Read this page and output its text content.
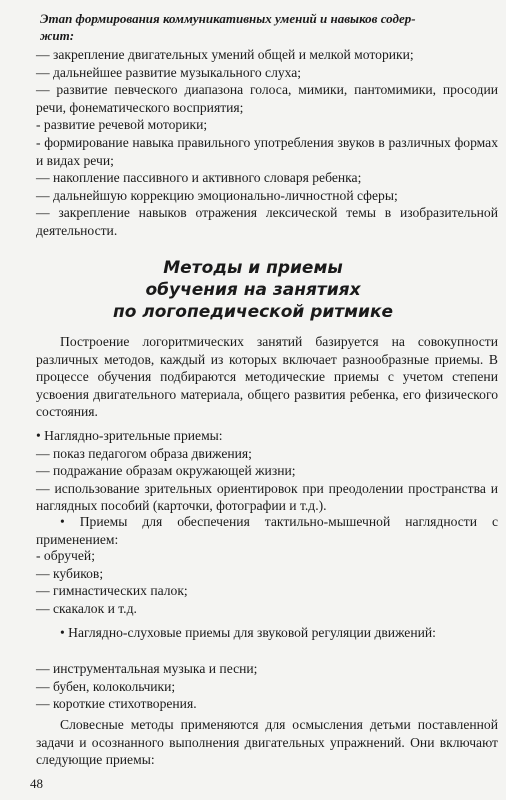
Этап формирования коммуникативных умений и навыков содер-
жит:

— закрепление двигательных умений общей и мелкой моторики;
— дальнейшее развитие музыкального слуха;
— развитие певческого диапазона голоса, мимики, пантомимики, просодии речи, фонематического восприятия;
- развитие речевой моторики;
- формирование навыка правильного употребления звуков в различных формах и видах речи;
— накопление пассивного и активного словаря ребенка;
— дальнейшую коррекцию эмоционально-личностной сферы;
— закрепление навыков отражения лексической темы в изобразительной деятельности.
Методы и приемы
обучения на занятиях
по логопедической ритмике

Построение логоритмических занятий базируется на совокупности различных методов, каждый из которых включает разнообразные приемы. В процессе обучения подбираются методические приемы с учетом степени усвоения двигательного материала, общего развития ребенка, его физического состояния.

• Наглядно-зрительные приемы:
— показ педагогом образа движения;
— подражание образам окружающей жизни;
— использование зрительных ориентировок при преодолении пространства и наглядных пособий (карточки, фотографии и т.д.).

• Приемы для обеспечения тактильно-мышечной наглядности с применением:

- обручей;
— кубиков;
— гимнастических палок;
— скакалок и т.д.

• Наглядно-слуховые приемы для звуковой регуляции движений:

— инструментальная музыка и песни;
— бубен, колокольчики;
— короткие стихотворения.

Словесные методы применяются для осмысления детьми поставленной задачи и осознанного выполнения двигательных упражнений. Они включают следующие приемы:

48
